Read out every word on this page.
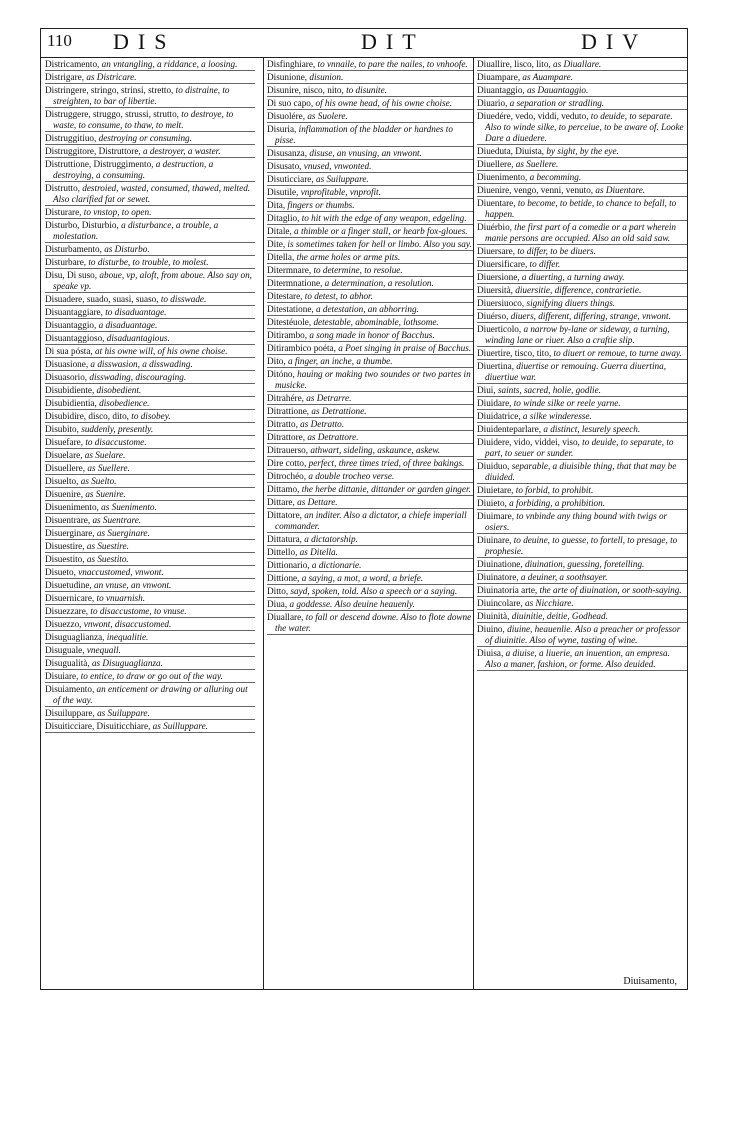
110 DIS	DIT	DIV
Districamento, an vntangling, a riddance, a loosing.
Distrigare, as Districare.
Distringere, stringo, strinsi, stretto, to distraine, to streighten, to bar of libertie.
Distruggere, struggo, strussi, strutto, to destroye, to waste, to consume, to thaw, to melt.
Distruggitiuo, destroying or consuming.
Distruggitore, Distruttore, a destroyer, a waster.
Distruttione, Distruggimento, a destruction, a destroying, a consuming.
Distrutto, destroied, wasted, consumed, thawed, melted. Also clarified fat or sewet.
Disturare, to vnstop, to open.
Disturbo, Disturbio, a disturbance, a trouble, a molestation.
Disturbamento, as Disturbo.
Disturbare, to disturbe, to trouble, to molest.
Disu, Di suso, aboue, vp, aloft, from aboue. Also say on, speake vp.
Disuadere, suado, suasi, suaso, to disswade.
Disuantaggiare, to disaduantage.
Disuantaggio, a disaduantage.
Disuantaggioso, disaduantagious.
Di sua pósta, at his owne will, of his owne choise.
Disuasione, a disswasion, a disswading.
Disuasorio, disswading, discouraging.
Disubidiente, disobedient.
Disubidientia, disobedience.
Disubidire, disco, dito, to disobey.
Disubito, suddenly, presently.
Disuefare, to disaccustome.
Disuelare, as Suelare.
Disuellere, as Suellere.
Disuelto, as Suelto.
Disuenire, as Suenire.
Disuenimento, as Suenimento.
Disuentrare, as Suentrare.
Disuerginare, as Suerginare.
Disuestire, as Suestire.
Disuestito, as Suestito.
Disueto, vnaccustomed, vnwont.
Disuetudine, an vnuse, an vnwont.
Disuernicare, to vnuarnish.
Disuezzare, to disaccustome, to vnuse.
Disuezzo, vnwont, disaccustomed.
Disuguaglianza, inequalitie.
Disuguale, vnequall.
Disugualità, as Disuguaglianza.
Disuiare, to entice, to draw or go out of the way.
Disuiamento, an enticement or drawing or alluring out of the way.
Disuiluppare, as Suiluppare.
Disuiticciare, Disuiticchiare, as Suilluppare.
Disfinghiare, to vnnaile, to pare the nailes, to vnhoofe.
Disunione, disunion.
Disunire, nisco, nito, to disunite.
Di suo capo, of his owne head, of his owne choise.
Disuolére, as Suolere.
Disuria, inflammation of the bladder or hardnes to pisse.
Disusanza, disuse, an vnusing, an vnwont.
Disusato, vnused, vnwonted.
Disuticciare, as Suiluppare.
Disutile, vnprofitable, vnprofit.
Dita, fingers or thumbs.
Ditaglio, to hit with the edge of any weapon, edgeling.
Ditale, a thimble or a finger stall, or hearb fox-gloues.
Dite, is sometimes taken for hell or limbo. Also you say.
Ditella, the arme holes or arme pits.
Ditermnare, to determine, to resolue.
Ditermnatione, a determination, a resolution.
Ditestare, to detest, to abhor.
Ditestatione, a detestation, an abhorring.
Ditestéuole, detestable, abominable, lothsome.
Ditirambo, a song made in honor of Bacchus.
Ditirambico poéta, a Poet singing in praise of Bacchus.
Dito, a finger, an inche, a thumbe.
Ditóno, hauing or making two soundes or two partes in musicke.
Ditrahére, as Detrarre.
Ditrattione, as Detrattione.
Ditratto, as Detratto.
Ditrattore, as Detrattore.
Ditrauerso, athwart, sideling, askaunce, askew.
Dire cotto, perfect, three times tried, of three bakings.
Ditrochéo, a double trocheo verse.
Dittamo, the herbe dittanie, dittander or garden ginger.
Dittare, as Dettare.
Dittatore, an inditer. Also a dictator, a chiefe imperiall commander.
Dittatura, a dictatorship.
Dittello, as Ditella.
Dittionario, a dictionarie.
Dittione, a saying, a mot, a word, a briefe.
Ditto, sayd, spoken, told. Also a speech or a saying.
Diua, a goddesse. Also deuine heauenly.
Diuallare, to fall or descend downe. Also to flote downe the water.
Diuallire, lisco, lito, as Diuallare.
Diuampare, as Auampare.
Diuantaggio, as Dauantaggio.
Diuario, a separation or stradling.
Diuedére, vedo, viddi, veduto, to deuide, to separate. Also to winde silke, to perceiue, to be aware of. Looke Dare a diuedere.
Diueduta, Diuista, by sight, by the eye.
Diuellere, as Suellere.
Diuenimento, a becomming.
Diuenire, vengo, venni, venuto, as Diuentare.
Diuentare, to become, to betide, to chance to befall, to happen.
Diuérbio, the first part of a comedie or a part wherein manie persons are occupied. Also an old said saw.
Diuersare, to differ, to be diuers.
Diuersificare, to differ.
Diuersione, a diuerting, a turning away.
Diuersità, diuersitie, difference, contrarietie.
Diuersiuoco, signifying diuers things.
Diuérso, diuers, different, differing, strange, vnwont.
Diuerticolo, a narrow by-lane or sideway, a turning, winding lane or riuer. Also a craftie slip.
Diuertire, tisco, tito, to diuert or remoue, to turne away.
Diuertina, diuertise or remouing. Guerra diuertina, diuertiue war.
Diui, saints, sacred, holie, godlie.
Diuidare, to winde silke or reele yarne.
Diuidatrice, a silke winderesse.
Diuidenteparlare, a distinct, lesurely speech.
Diuidere, vido, viddei, viso, to deuide, to separate, to part, to seuer or sunder.
Diuiduo, separable, a diuisible thing, that that may be diuided.
Diuietare, to forbid, to prohibit.
Diuieto, a forbiding, a prohibition.
Diuimare, to vnbinde any thing bound with twigs or osiers.
Diuinare, to deuine, to guesse, to fortell, to presage, to prophesie.
Diuinatione, diuination, guessing, foretelling.
Diuinatore, a deuiner, a soothsayer.
Diuinatoria arte, the arte of diuination, or sooth-saying.
Diuincolare, as Nicchiare.
Diuinità, diuinitie, deitie, Godhead.
Diuino, diuine, heauenlie. Also a preacher or professor of diuinitie. Also of wyne, tasting of wine.
Diuisa, a diuise, a liuerie, an inuention, an empresa. Also a maner, fashion, or forme. Also deuided.
Diuisamento,
